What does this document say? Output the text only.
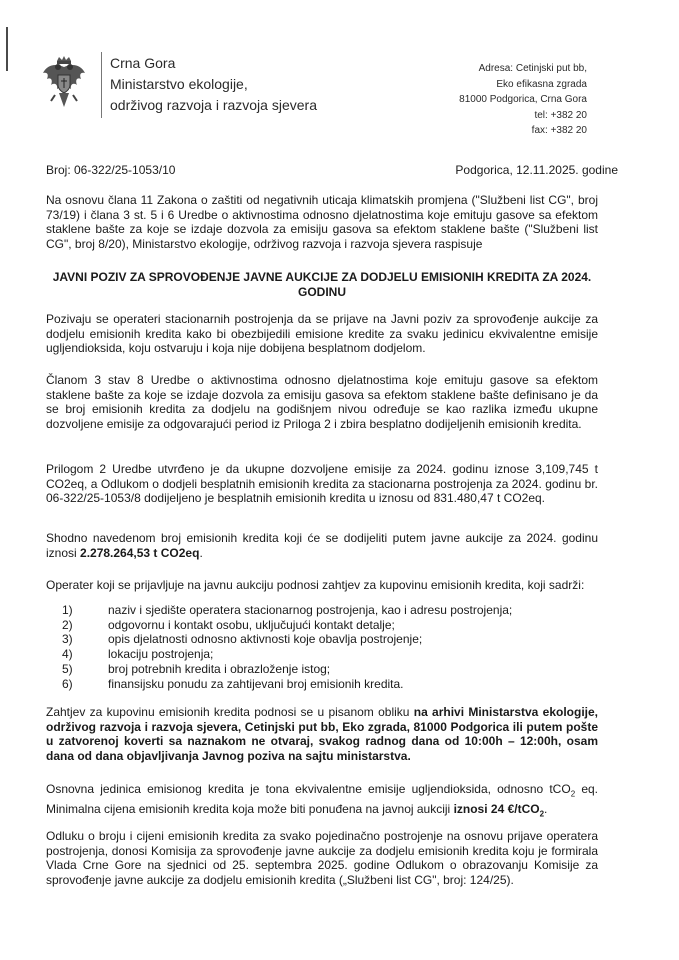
Crna Gora
Ministarstvo ekologije,
održivog razvoja i razvoja sjevera
Adresa: Cetinjski put bb,
Eko efikasna zgrada
81000 Podgorica, Crna Gora
tel: +382 20
fax: +382 20
Broj: 06-322/25-1053/10	Podgorica, 12.11.2025. godine
Na osnovu člana 11 Zakona o zaštiti od negativnih uticaja klimatskih promjena ("Službeni list CG", broj 73/19) i člana 3 st. 5 i 6 Uredbe o aktivnostima odnosno djelatnostima koje emituju gasove sa efektom staklene bašte za koje se izdaje dozvola za emisiju gasova sa efektom staklene bašte ("Službeni list CG", broj 8/20), Ministarstvo ekologije, održivog razvoja i razvoja sjevera raspisuje
JAVNI POZIV ZA SPROVOĐENJE JAVNE AUKCIJE ZA DODJELU EMISIONIH KREDITA ZA 2024. GODINU
Pozivaju se operateri stacionarnih postrojenja da se prijave na Javni poziv za sprovođenje aukcije za dodjelu emisionih kredita kako bi obezbijedili emisione kredite za svaku jedinicu ekvivalentne emisije ugljendioksida, koju ostvaruju i koja nije dobijena besplatnom dodjelom.
Članom 3 stav 8 Uredbe o aktivnostima odnosno djelatnostima koje emituju gasove sa efektom staklene bašte za koje se izdaje dozvola za emisiju gasova sa efektom staklene bašte definisano je da se broj emisionih kredita za dodjelu na godišnjem nivou određuje se kao razlika između ukupne dozvoljene emisije za odgovarajući period iz Priloga 2 i zbira besplatno dodijeljenih emisionih kredita.
Prilogom 2 Uredbe utvrđeno je da ukupne dozvoljene emisije za 2024. godinu iznose 3,109,745 t CO2eq, a Odlukom o dodjeli besplatnih emisionih kredita za stacionarna postrojenja za 2024. godinu br. 06-322/25-1053/8 dodijeljeno je besplatnih emisionih kredita u iznosu od 831.480,47 t CO2eq.
Shodno navedenom broj emisionih kredita koji će se dodijeliti putem javne aukcije za 2024. godinu iznosi 2.278.264,53 t CO2eq.
Operater koji se prijavljuje na javnu aukciju podnosi zahtjev za kupovinu emisionih kredita, koji sadrži:
1)	naziv i sjedište operatera stacionarnog postrojenja, kao i adresu postrojenja;
2)	odgovornu i kontakt osobu, uključujući kontakt detalje;
3)	opis djelatnosti odnosno aktivnosti koje obavlja postrojenje;
4)	lokaciju postrojenja;
5)	broj potrebnih kredita i obrazloženje istog;
6)	finansijsku ponudu za zahtijevani broj emisionih kredita.
Zahtjev za kupovinu emisionih kredita podnosi se u pisanom obliku na arhivi Ministarstva ekologije, održivog razvoja i razvoja sjevera, Cetinjski put bb, Eko zgrada, 81000 Podgorica ili putem pošte u zatvorenoj koverti sa naznakom ne otvaraj, svakog radnog dana od 10:00h – 12:00h, osam dana od dana objavljivanja Javnog poziva na sajtu ministarstva.
Osnovna jedinica emisionog kredita je tona ekvivalentne emisije ugljendioksida, odnosno tCO$_2$ eq. Minimalna cijena emisionih kredita koja može biti ponuđena na javnoj aukciji iznosi 24 €/tCO$_2$.
Odluku o broju i cijeni emisionih kredita za svako pojedinačno postrojenje na osnovu prijave operatera postrojenja, donosi Komisija za sprovođenje javne aukcije za dodjelu emisionih kredita koju je formirala Vlada Crne Gore na sjednici od 25. septembra 2025. godine Odlukom o obrazovanju Komisije za sprovođenje javne aukcije za dodjelu emisionih kredita („Službeni list CG", broj: 124/25).
